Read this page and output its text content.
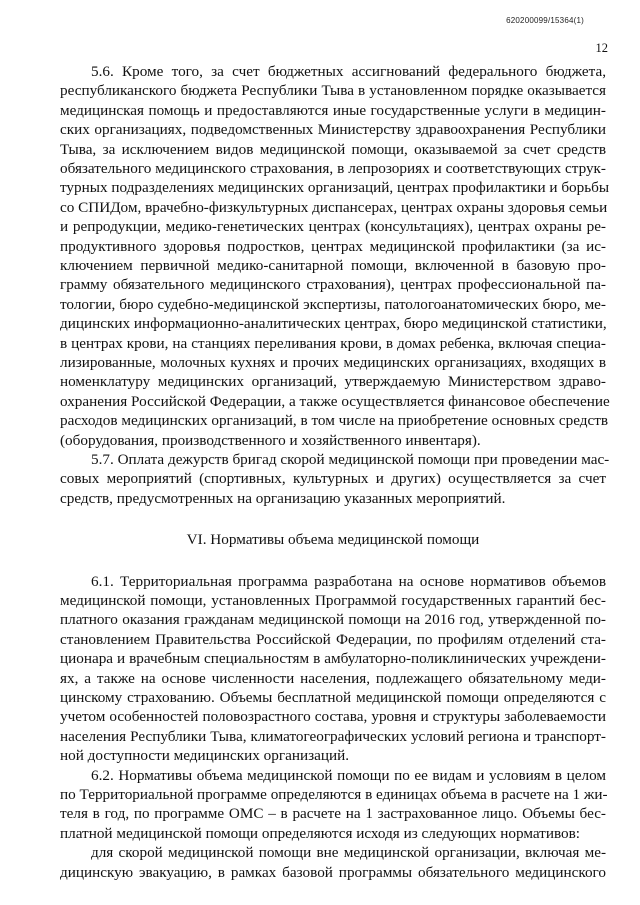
620200099/15364(1)
12
5.6. Кроме того, за счет бюджетных ассигнований федерального бюджета,
республиканского бюджета Республики Тыва в установленном порядке оказывается
медицинская помощь и предоставляются иные государственные услуги в медицин-
ских организациях, подведомственных Министерству здравоохранения Республики
Тыва, за исключением видов медицинской помощи, оказываемой за счет средств
обязательного медицинского страхования, в лепрозориях и соответствующих струк-
турных подразделениях медицинских организаций, центрах профилактики и борьбы
со СПИДом, врачебно-физкультурных диспансерах, центрах охраны здоровья семьи
и репродукции, медико-генетических центрах (консультациях), центрах охраны ре-
продуктивного здоровья подростков, центрах медицинской профилактики (за ис-
ключением первичной медико-санитарной помощи, включенной в базовую про-
грамму обязательного медицинского страхования), центрах профессиональной па-
тологии, бюро судебно-медицинской экспертизы, патологоанатомических бюро, ме-
дицинских информационно-аналитических центрах, бюро медицинской статистики,
в центрах крови, на станциях переливания крови, в домах ребенка, включая специа-
лизированные, молочных кухнях и прочих медицинских организациях, входящих в
номенклатуру медицинских организаций, утверждаемую Министерством здраво-
охранения Российской Федерации, а также осуществляется финансовое обеспечение
расходов медицинских организаций, в том числе на приобретение основных средств
(оборудования, производственного и хозяйственного инвентаря).
5.7. Оплата дежурств бригад скорой медицинской помощи при проведении мас-
совых мероприятий (спортивных, культурных и других) осуществляется за счет
средств, предусмотренных на организацию указанных мероприятий.
VI. Нормативы объема медицинской помощи
6.1. Территориальная программа разработана на основе нормативов объемов
медицинской помощи, установленных Программой государственных гарантий бес-
платного оказания гражданам медицинской помощи на 2016 год, утвержденной по-
становлением Правительства Российской Федерации, по профилям отделений ста-
ционара и врачебным специальностям в амбулаторно-поликлинических учреждени-
ях, а также на основе численности населения, подлежащего обязательному меди-
цинскому страхованию. Объемы бесплатной медицинской помощи определяются с
учетом особенностей половозрастного состава, уровня и структуры заболеваемости
населения Республики Тыва, климатогеографических условий региона и транспорт-
ной доступности медицинских организаций.
6.2. Нормативы объема медицинской помощи по ее видам и условиям в целом
по Территориальной программе определяются в единицах объема в расчете на 1 жи-
теля в год, по программе ОМС – в расчете на 1 застрахованное лицо. Объемы бес-
платной медицинской помощи определяются исходя из следующих нормативов:
для скорой медицинской помощи вне медицинской организации, включая ме-
дицинскую эвакуацию, в рамках базовой программы обязательного медицинского
